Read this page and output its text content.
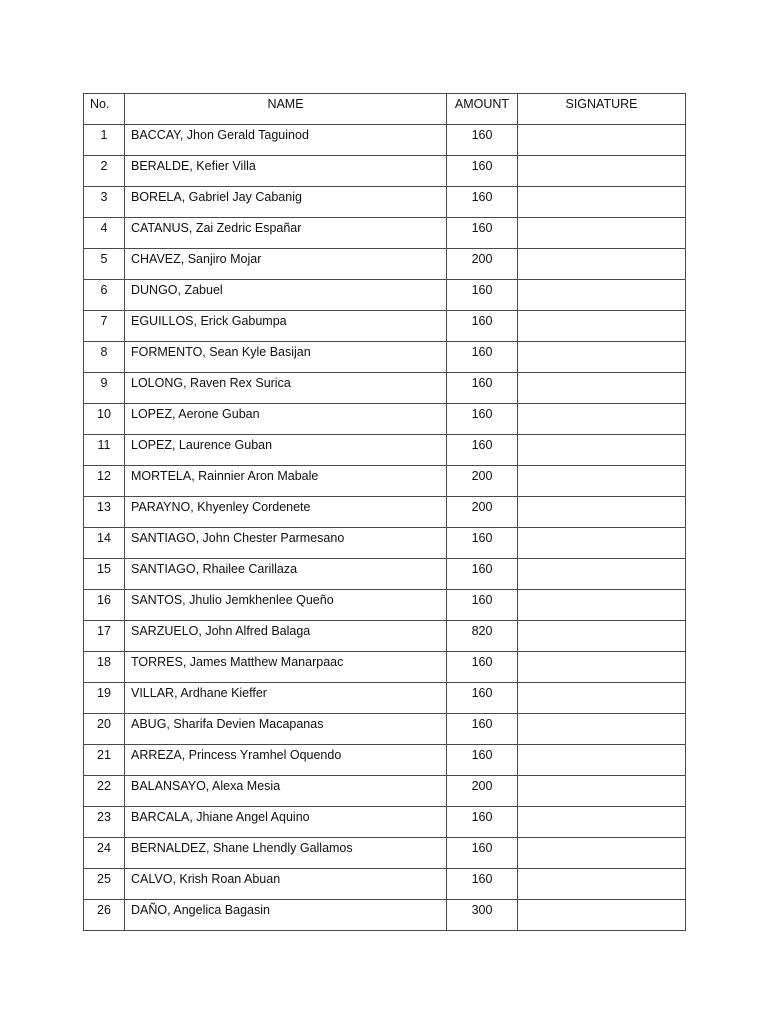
No.	NAME	AMOUNT	SIGNATURE
1	BACCAY, Jhon Gerald Taguinod	160	
2	BERALDE, Kefier Villa	160	
3	BORELA, Gabriel Jay Cabanig	160	
4	CATANUS, Zai Zedric Españar	160	
5	CHAVEZ, Sanjiro Mojar	200	
6	DUNGO, Zabuel	160	
7	EGUILLOS, Erick Gabumpa	160	
8	FORMENTO, Sean Kyle Basijan	160	
9	LOLONG, Raven Rex Surica	160	
10	LOPEZ, Aerone Guban	160	
11	LOPEZ, Laurence Guban	160	
12	MORTELA, Rainnier Aron Mabale	200	
13	PARAYNO, Khyenley Cordenete	200	
14	SANTIAGO, John Chester Parmesano	160	
15	SANTIAGO, Rhailee Carillaza	160	
16	SANTOS, Jhulio Jemkhenlee Queño	160	
17	SARZUELO, John Alfred Balaga	820	
18	TORRES, James Matthew Manarpaac	160	
19	VILLAR, Ardhane Kieffer	160	
20	ABUG, Sharifa Devien Macapanas	160	
21	ARREZA, Princess Yramhel Oquendo	160	
22	BALANSAYO, Alexa Mesia	200	
23	BARCALA, Jhiane Angel Aquino	160	
24	BERNALDEZ, Shane Lhendly Gallamos	160	
25	CALVO, Krish Roan Abuan	160	
26	DAÑO, Angelica Bagasin	300	
